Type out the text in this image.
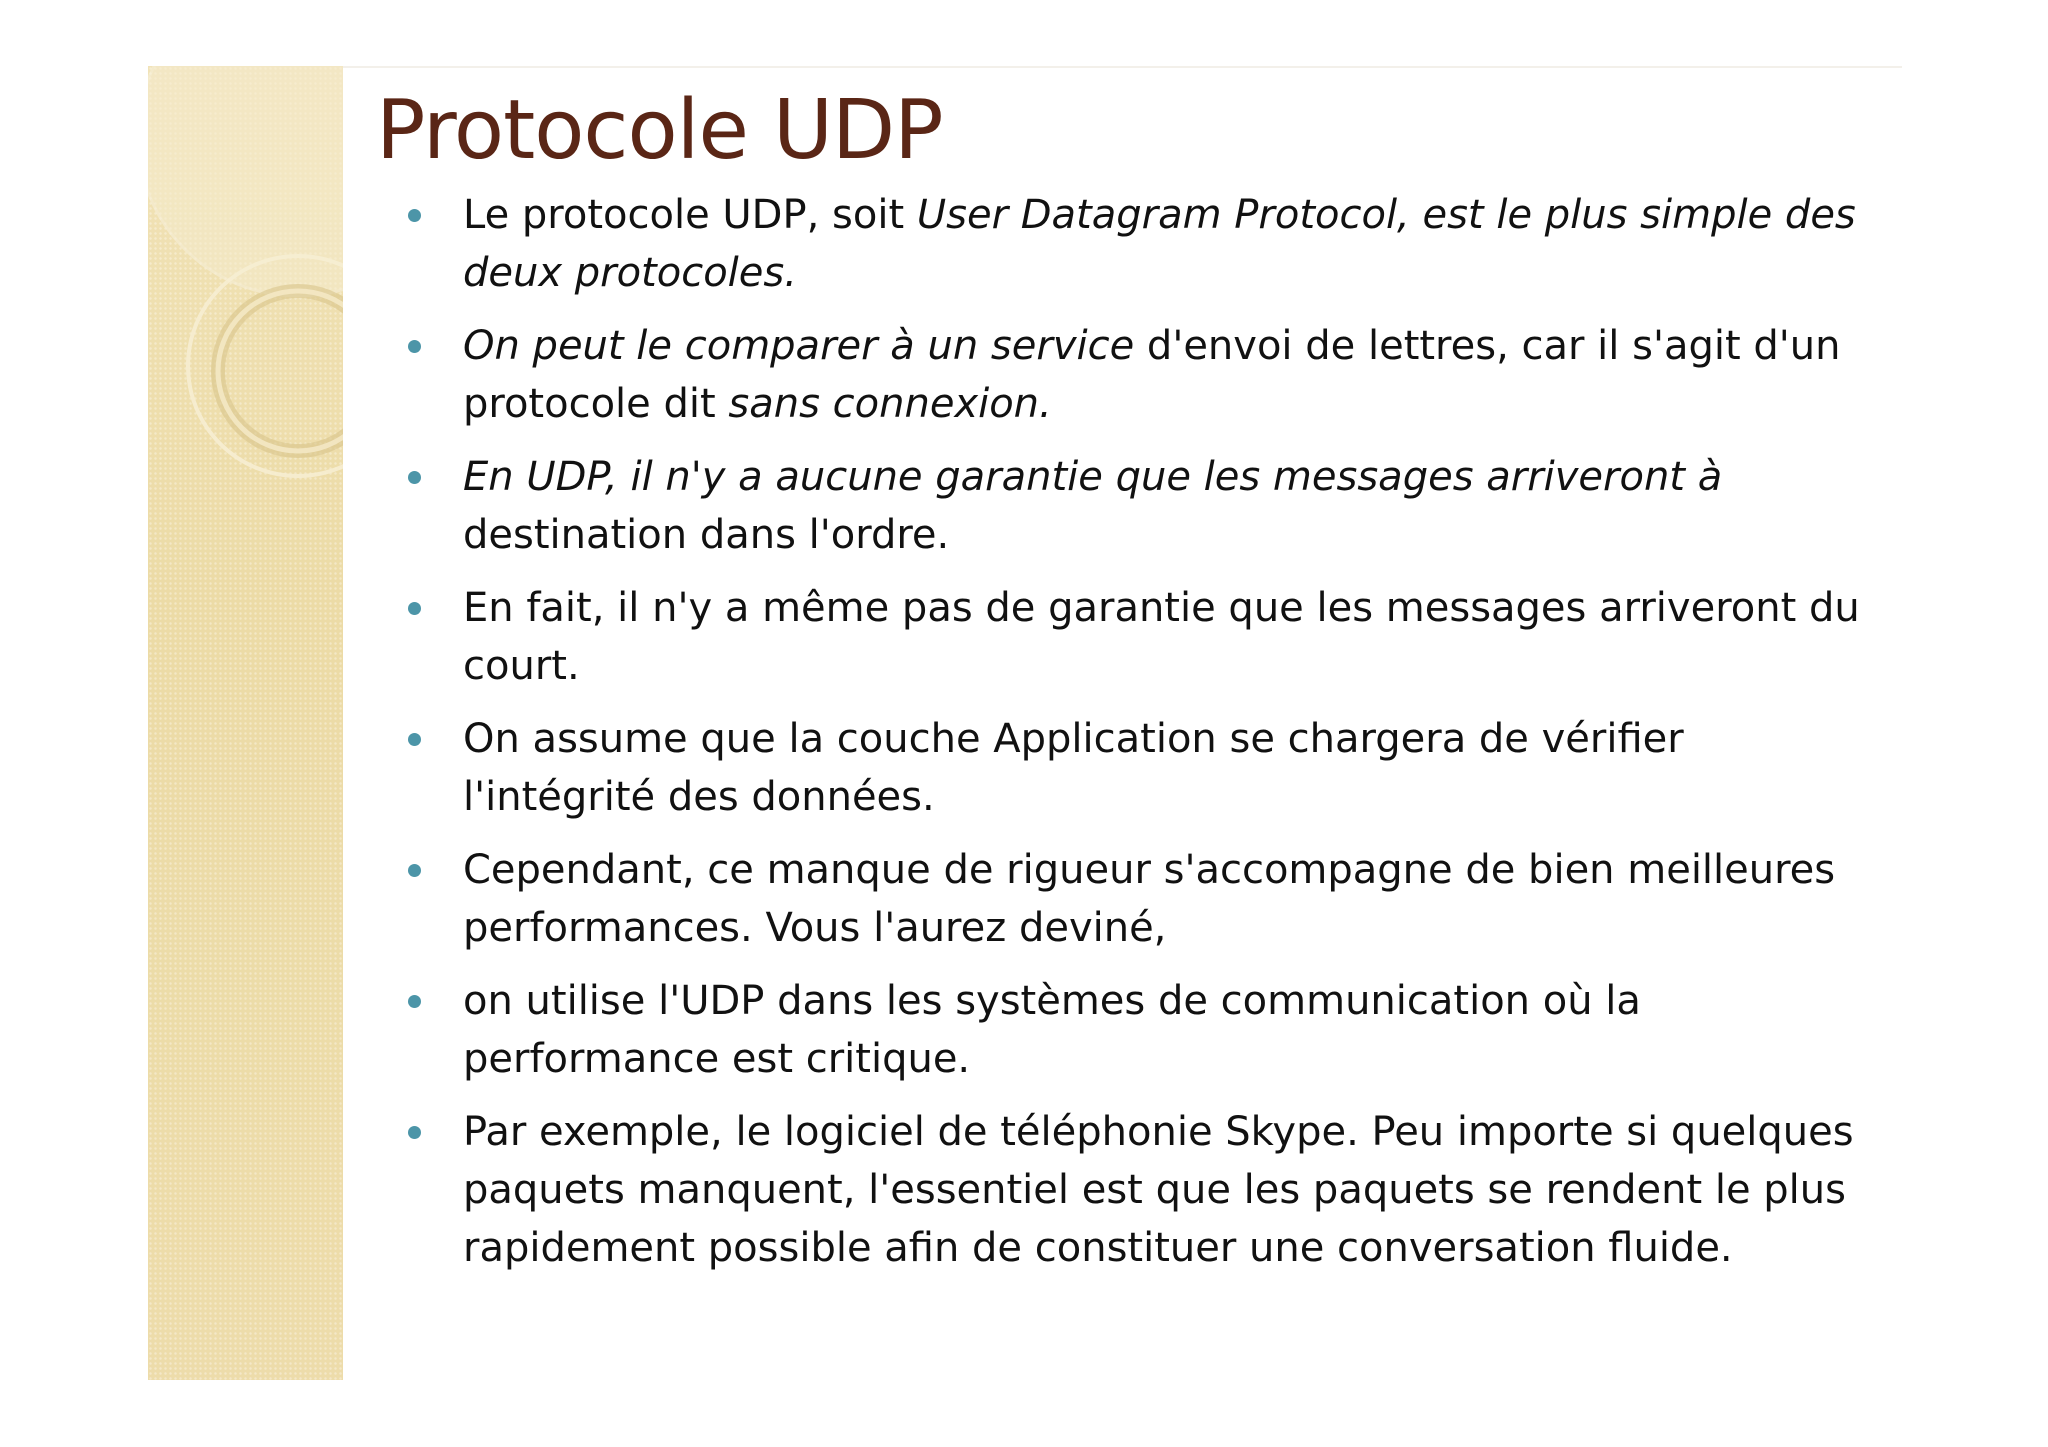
Protocole UDP
Le protocole UDP, soit User Datagram Protocol, est le plus simple des deux protocoles.
On peut le comparer à un service d'envoi de lettres, car il s'agit d'un protocole dit sans connexion.
En UDP, il n'y a aucune garantie que les messages arriveront à destination dans l'ordre.
En fait, il n'y a même pas de garantie que les messages arriveront du court.
On assume que la couche Application se chargera de vérifier l'intégrité des données.
Cependant, ce manque de rigueur s'accompagne de bien meilleures performances. Vous l'aurez deviné,
on utilise l'UDP dans les systèmes de communication où la performance est critique.
Par exemple, le logiciel de téléphonie Skype. Peu importe si quelques paquets manquent, l'essentiel est que les paquets se rendent le plus rapidement possible afin de constituer une conversation fluide.
